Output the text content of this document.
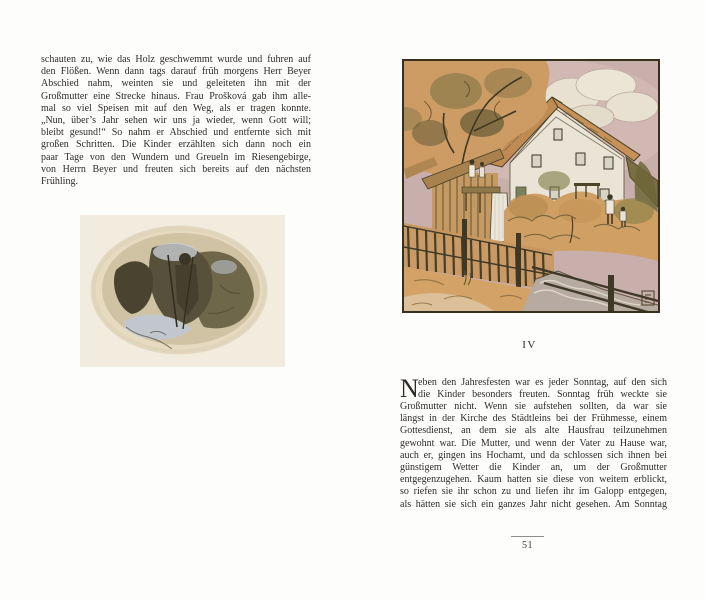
schauten zu, wie das Holz geschwemmt wurde und fuhren auf
den Flößen. Wenn dann tags darauf früh morgens Herr Beyer
Abschied nahm, weinten sie und geleiteten ihn mit der
Großmutter eine Strecke hinaus. Frau Prošková gab ihm alle-
mal so viel Speisen mit auf den Weg, als er tragen konnte.
„Nun, über’s Jahr sehen wir uns ja wieder, wenn Gott will;
bleibt gesund!“ So nahm er Abschied und entfernte sich mit
großen Schritten. Die Kinder erzählten sich dann noch ein
paar Tage von den Wundern und Greueln im Riesengebirge,
von Herrn Beyer und freuten sich bereits auf den nächsten
Frühling.
IV
N eben den Jahresfesten war es jeder Sonntag, auf den sich
die Kinder besonders freuten. Sonntag früh weckte sie
Großmutter nicht. Wenn sie aufstehen sollten, da war sie
längst in der Kirche des Städtleins bei der Frühmesse, einem
Gottesdienst, an dem sie als alte Hausfrau teilzunehmen
gewohnt war. Die Mutter, und wenn der Vater zu Hause war,
auch er, gingen ins Hochamt, und da schlossen sich ihnen bei
günstigem Wetter die Kinder an, um der Großmutter
entgegenzugehen. Kaum hatten sie diese von weitem erblickt,
so riefen sie ihr schon zu und liefen ihr im Galopp entgegen,
als hätten sie sich ein ganzes Jahr nicht gesehen. Am Sonntag
51
